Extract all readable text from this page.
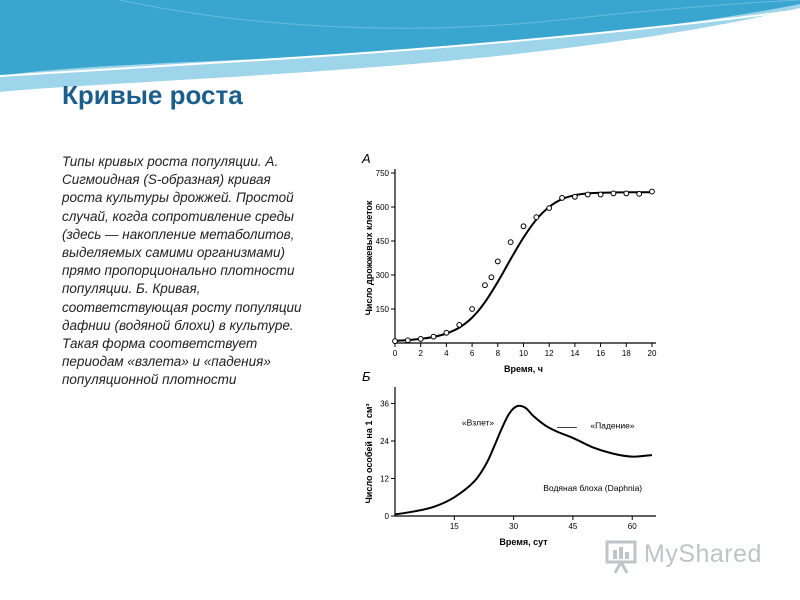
Кривые роста

Типы кривых роста популяции. А. Сигмоидная (S-образная) кривая роста культуры дрожжей. Простой случай, когда сопротивление среды (здесь — накопление метаболитов, выделяемых самими организмами) прямо пропорционально плотности популяции. Б. Кривая, соответствующая росту популяции дафнии (водяной блохи) в культуре. Такая форма соответствует периодам «взлета» и «падения» популяционной плотности

А
0	2	4	6	8 10 12 14 16 18 20
150
300
450
600
750
Время, ч
Число дрожжевых клеток
Б
15	30	45	60
0
12
24
36
Время, сут
Число особей на 1 см³	«Взлет»	«Падение»
Водяная блоха (Daphnia)
MyShared
